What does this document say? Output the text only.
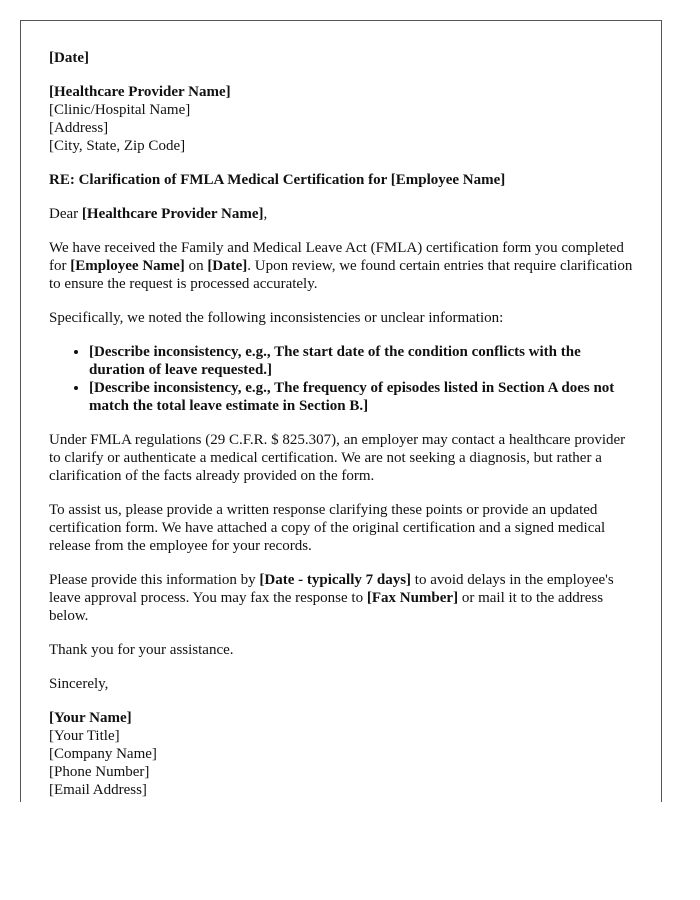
[Date]
[Healthcare Provider Name]
[Clinic/Hospital Name]
[Address]
[City, State, Zip Code]
RE: Clarification of FMLA Medical Certification for [Employee Name]

Dear [Healthcare Provider Name],

We have received the Family and Medical Leave Act (FMLA) certification form you completed for [Employee Name] on [Date]. Upon review, we found certain entries that require clarification to ensure the request is processed accurately.

Specifically, we noted the following inconsistencies or unclear information:

• [Describe inconsistency, e.g., The start date of the condition conflicts with the duration of leave requested.]
• [Describe inconsistency, e.g., The frequency of episodes listed in Section A does not match the total leave estimate in Section B.]

Under FMLA regulations (29 C.F.R. $ 825.307), an employer may contact a healthcare provider to clarify or authenticate a medical certification. We are not seeking a diagnosis, but rather a clarification of the facts already provided on the form.

To assist us, please provide a written response clarifying these points or provide an updated certification form. We have attached a copy of the original certification and a signed medical release from the employee for your records.

Please provide this information by [Date - typically 7 days] to avoid delays in the employee's leave approval process. You may fax the response to [Fax Number] or mail it to the address below.

Thank you for your assistance.

Sincerely,

[Your Name]
[Your Title]
[Company Name]
[Phone Number]
[Email Address]
